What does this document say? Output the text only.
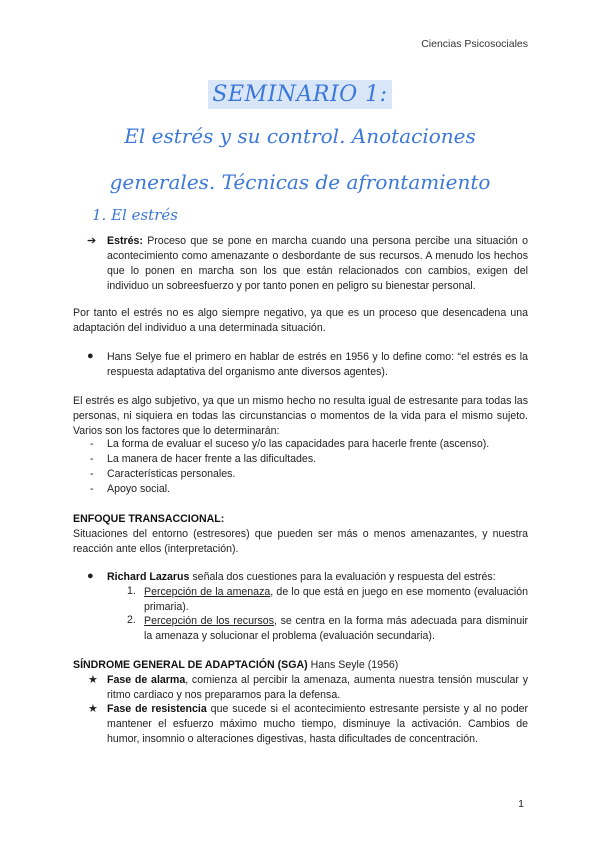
Ciencias Psicosociales
SEMINARIO 1:
El estrés y su control. Anotaciones
generales. Técnicas de afrontamiento
1. El estrés
➔ Estrés: Proceso que se pone en marcha cuando una persona percibe una situación o acontecimiento como amenazante o desbordante de sus recursos. A menudo los hechos que lo ponen en marcha son los que están relacionados con cambios, exigen del individuo un sobreesfuerzo y por tanto ponen en peligro su bienestar personal.
Por tanto el estrés no es algo siempre negativo, ya que es un proceso que desencadena una adaptación del individuo a una determinada situación.
● Hans Selye fue el primero en hablar de estrés en 1956 y lo define como: “el estrés es la respuesta adaptativa del organismo ante diversos agentes).
El estrés es algo subjetivo, ya que un mismo hecho no resulta igual de estresante para todas las personas, ni siquiera en todas las circunstancias o momentos de la vida para el mismo sujeto. Varios son los factores que lo determinarán:
- La forma de evaluar el suceso y/o las capacidades para hacerle frente (ascenso).
- La manera de hacer frente a las dificultades.
- Características personales.
- Apoyo social.
ENFOQUE TRANSACCIONAL:
Situaciones del entorno (estresores) que pueden ser más o menos amenazantes, y nuestra reacción ante ellos (interpretación).
● Richard Lazarus señala dos cuestiones para la evaluación y respuesta del estrés:
1. Percepción de la amenaza, de lo que está en juego en ese momento (evaluación primaria).
2. Percepción de los recursos, se centra en la forma más adecuada para disminuir la amenaza y solucionar el problema (evaluación secundaria).
SÍNDROME GENERAL DE ADAPTACIÓN (SGA) Hans Seyle (1956)
★ Fase de alarma, comienza al percibir la amenaza, aumenta nuestra tensión muscular y ritmo cardiaco y nos preparamos para la defensa.
★ Fase de resistencia que sucede si el acontecimiento estresante persiste y al no poder mantener el esfuerzo máximo mucho tiempo, disminuye la activación. Cambios de humor, insomnio o alteraciones digestivas, hasta dificultades de concentración.
1
